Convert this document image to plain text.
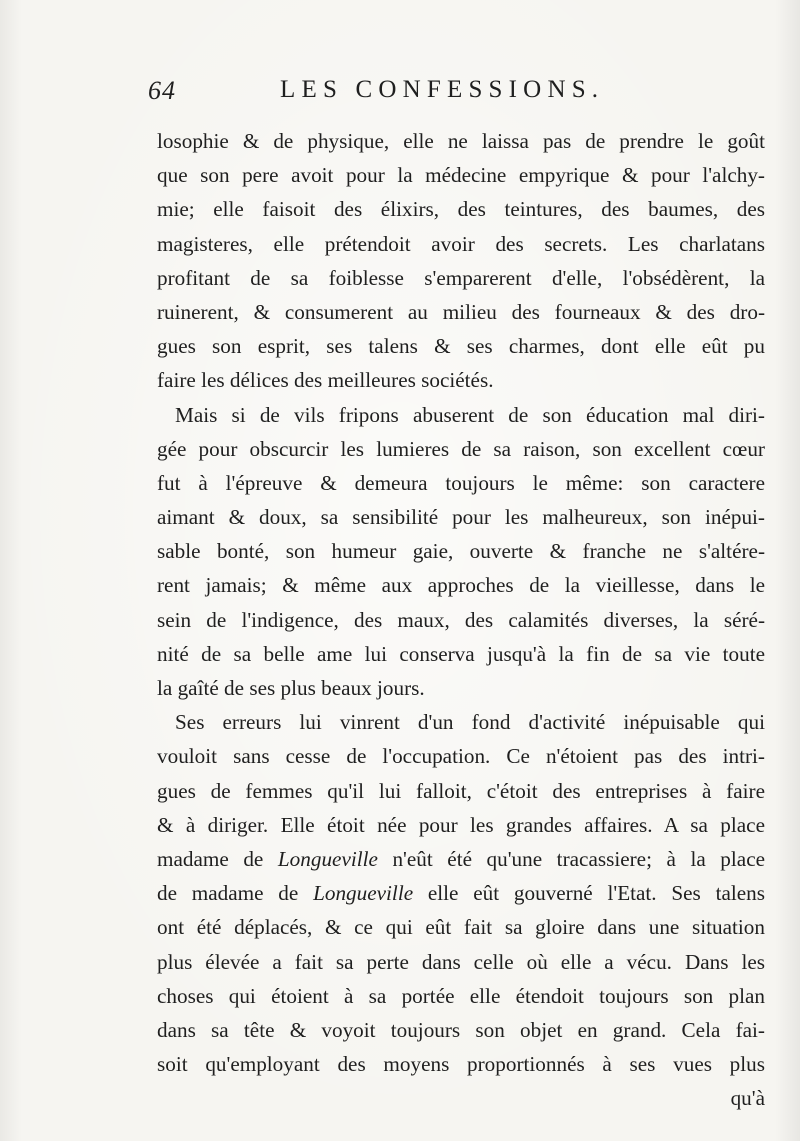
64	LES CONFESSIONS.
losophie & de physique, elle ne laissa pas de prendre le goût
que son pere avoit pour la médecine empyrique & pour l'alchy-
mie; elle faisoit des élixirs, des teintures, des baumes, des
magisteres, elle prétendoit avoir des secrets. Les charlatans
profitant de sa foiblesse s'emparerent d'elle, l'obsédèrent, la
ruinerent, & consumerent au milieu des fourneaux & des dro-
gues son esprit, ses talens & ses charmes, dont elle eût pu
faire les délices des meilleures sociétés.
Mais si de vils fripons abuserent de son éducation mal diri-
gée pour obscurcir les lumieres de sa raison, son excellent cœur
fut à l'épreuve & demeura toujours le même: son caractere
aimant & doux, sa sensibilité pour les malheureux, son inépui-
sable bonté, son humeur gaie, ouverte & franche ne s'altére-
rent jamais; & même aux approches de la vieillesse, dans le
sein de l'indigence, des maux, des calamités diverses, la séré-
nité de sa belle ame lui conserva jusqu'à la fin de sa vie toute
la gaîté de ses plus beaux jours.
Ses erreurs lui vinrent d'un fond d'activité inépuisable qui
vouloit sans cesse de l'occupation. Ce n'étoient pas des intri-
gues de femmes qu'il lui falloit, c'étoit des entreprises à faire
& à diriger. Elle étoit née pour les grandes affaires. A sa place
madame de Longueville n'eût été qu'une tracassiere; à la place
de madame de Longueville elle eût gouverné l'Etat. Ses talens
ont été déplacés, & ce qui eût fait sa gloire dans une situation
plus élevée a fait sa perte dans celle où elle a vécu. Dans les
choses qui étoient à sa portée elle étendoit toujours son plan
dans sa tête & voyoit toujours son objet en grand. Cela fai-
soit qu'employant des moyens proportionnés à ses vues plus
qu'à
